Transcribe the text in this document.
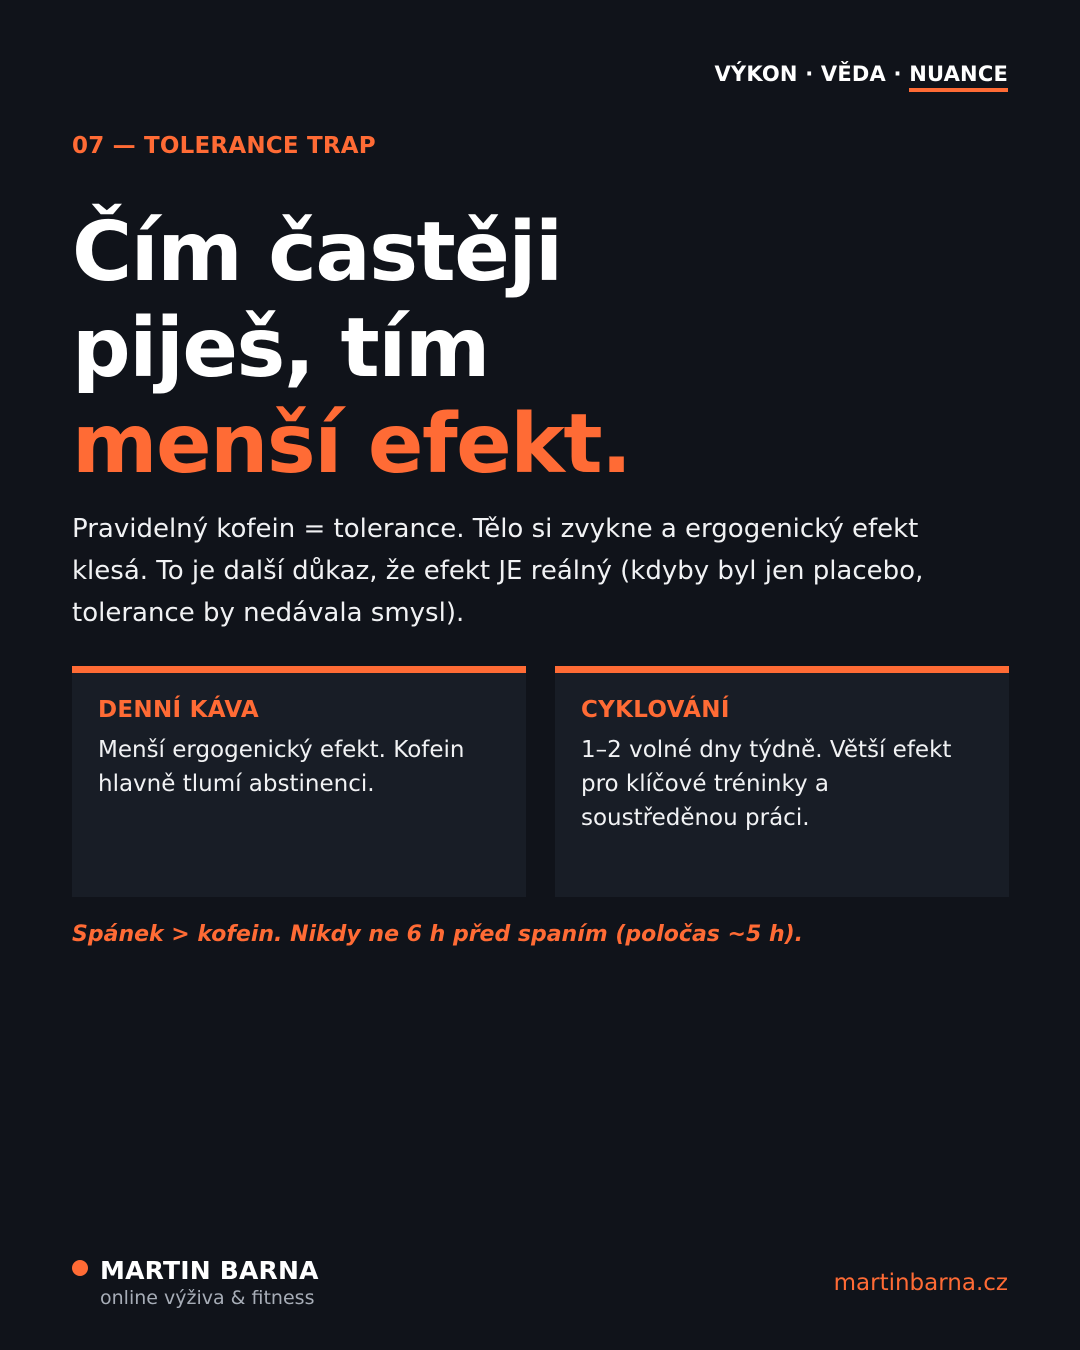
VÝKON · VĚDA · NUANCE
07 — TOLERANCE TRAP
Čím častěji
piješ, tím
menší efekt.

Pravidelný kofein = tolerance. Tělo si zvykne a ergogenický efekt klesá. To je další důkaz, že efekt JE reálný (kdyby byl jen placebo, tolerance by nedávala smysl).

DENNÍ KÁVA

Menší ergogenický efekt. Kofein hlavně tlumí abstinenci.

CYKLOVÁNÍ

1–2 volné dny týdně. Větší efekt pro klíčové tréninky a soustředěnou práci.

Spánek > kofein. Nikdy ne 6 h před spaním (poločas ~5 h).

MARTIN BARNA
online výživa & fitness
martinbarna.cz
